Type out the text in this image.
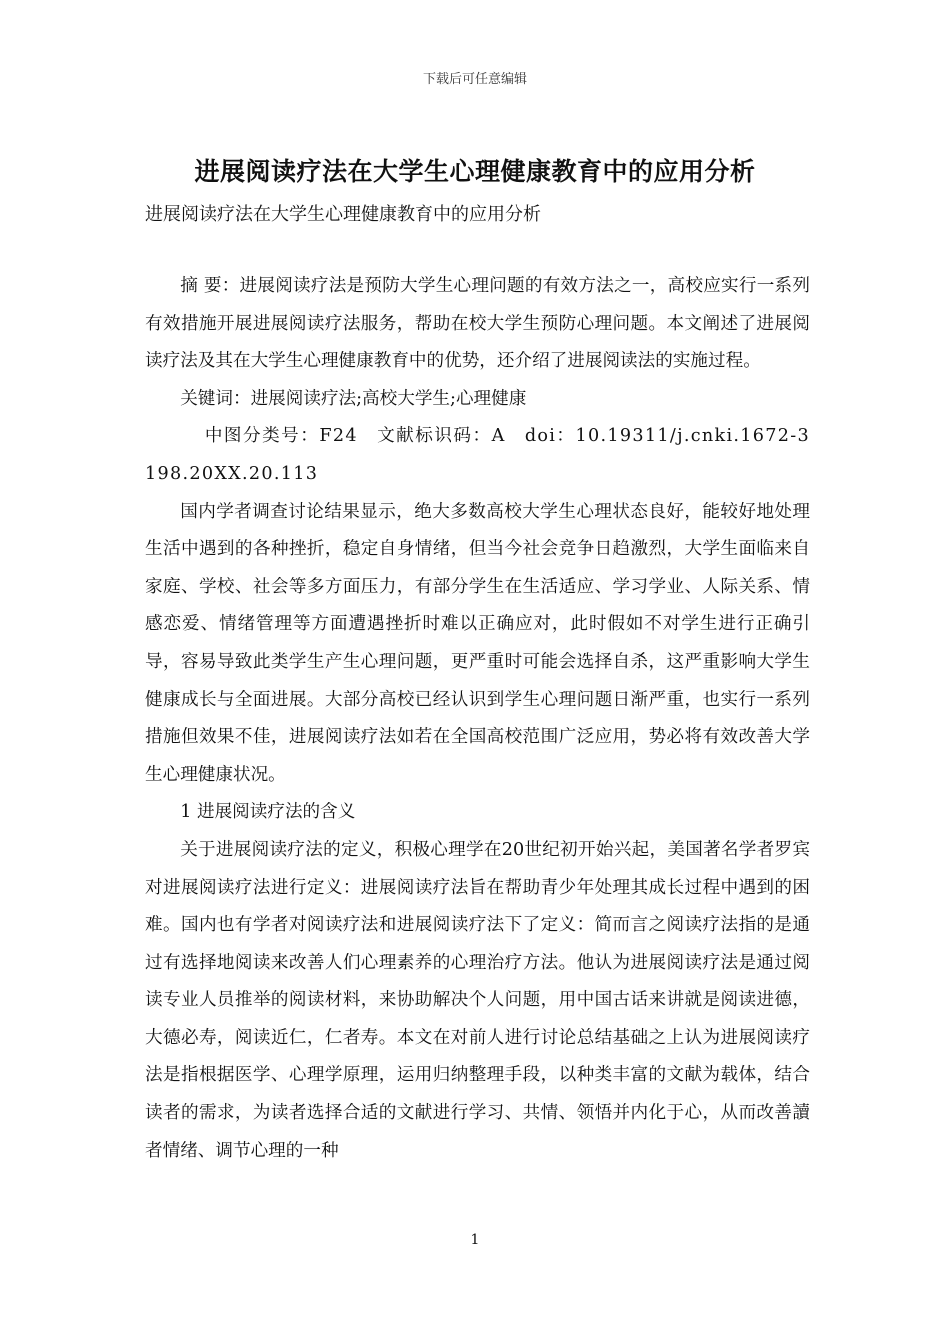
下载后可任意编辑
进展阅读疗法在大学生心理健康教育中的应用分析
进展阅读疗法在大学生心理健康教育中的应用分析

摘 要：进展阅读疗法是预防大学生心理问题的有效方法之一，高校应实行一系列有效措施开展进展阅读疗法服务，帮助在校大学生预防心理问题。本文阐述了进展阅读疗法及其在大学生心理健康教育中的优势，还介绍了进展阅读法的实施过程。

关键词：进展阅读疗法;高校大学生;心理健康

中图分类号：F24　文献标识码：A　doi：10.19311/j.cnki.1672-3198.20XX.20.113

国内学者调查讨论结果显示，绝大多数高校大学生心理状态良好，能较好地处理生活中遇到的各种挫折，稳定自身情绪，但当今社会竞争日趋激烈，大学生面临来自家庭、学校、社会等多方面压力，有部分学生在生活适应、学习学业、人际关系、情感恋爱、情绪管理等方面遭遇挫折时难以正确应对，此时假如不对学生进行正确引导，容易导致此类学生产生心理问题，更严重时可能会选择自杀，这严重影响大学生健康成长与全面进展。大部分高校已经认识到学生心理问题日渐严重，也实行一系列措施但效果不佳，进展阅读疗法如若在全国高校范围广泛应用，势必将有效改善大学生心理健康状况。

1 进展阅读疗法的含义

关于进展阅读疗法的定义，积极心理学在20世纪初开始兴起，美国著名学者罗宾对进展阅读疗法进行定义：进展阅读疗法旨在帮助青少年处理其成长过程中遇到的困难。国内也有学者对阅读疗法和进展阅读疗法下了定义：简而言之阅读疗法指的是通过有选择地阅读来改善人们心理素养的心理治疗方法。他认为进展阅读疗法是通过阅读专业人员推举的阅读材料，来协助解决个人问题，用中国古话来讲就是阅读进德，大德必寿，阅读近仁，仁者寿。本文在对前人进行讨论总结基础之上认为进展阅读疗法是指根据医学、心理学原理，运用归纳整理手段，以种类丰富的文献为载体，结合读者的需求，为读者选择合适的文献进行学习、共情、领悟并内化于心，从而改善讀者情绪、调节心理的一种

1
